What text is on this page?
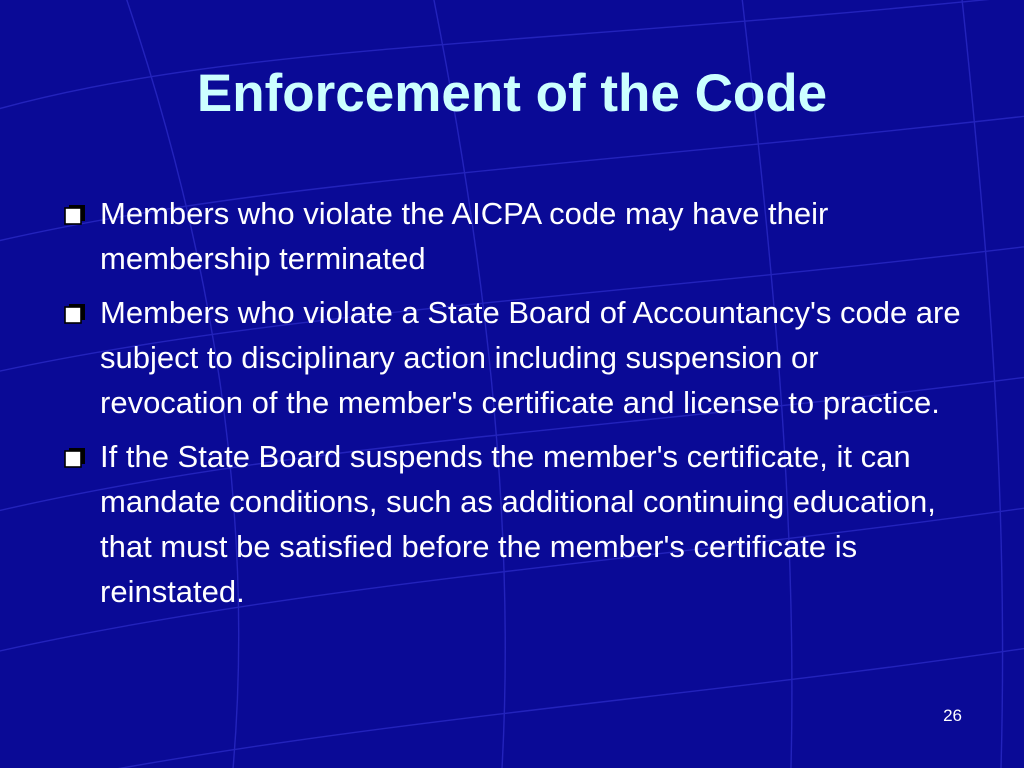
Enforcement of the Code
Members who violate the AICPA code may have their membership terminated
Members who violate a State Board of Accountancy's code are subject to disciplinary action including suspension or revocation of the member's certificate and license to practice.
If the State Board suspends the member's certificate, it can mandate conditions, such as additional continuing education, that must be satisfied before the member's certificate is reinstated.
26
